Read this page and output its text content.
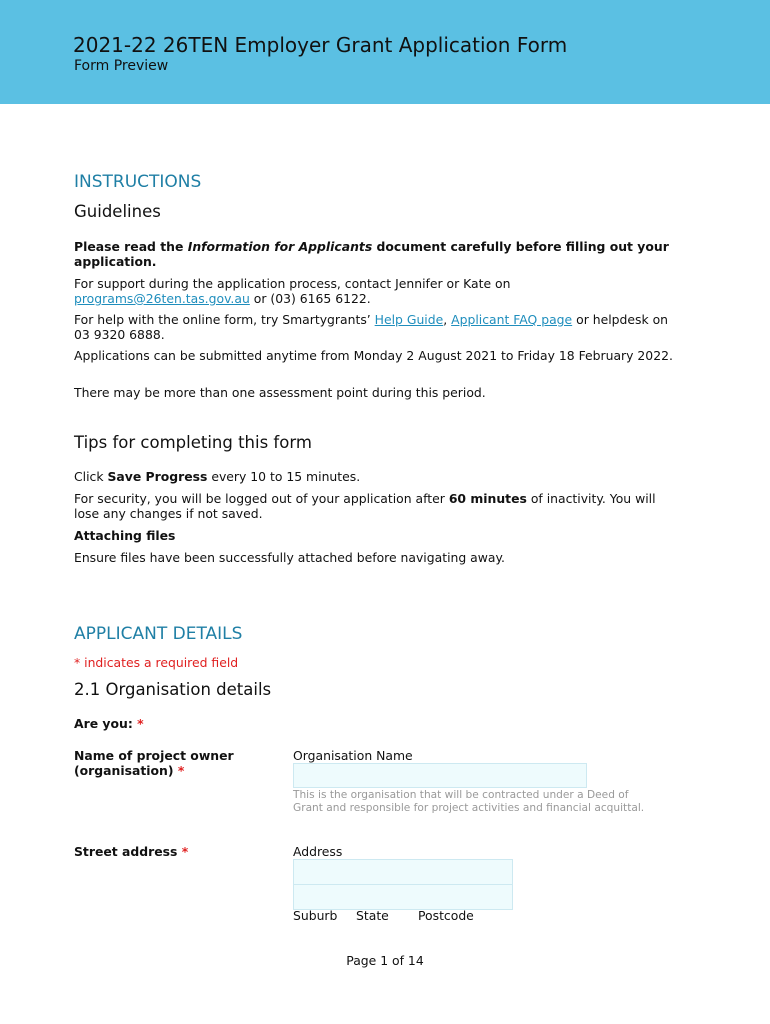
2021-22 26TEN Employer Grant Application Form
Form Preview
INSTRUCTIONS
Guidelines
Please read the Information for Applicants document carefully before filling out your application.
For support during the application process, contact Jennifer or Kate on programs@26ten.tas.gov.au or (03) 6165 6122.
For help with the online form, try Smartygrants’ Help Guide, Applicant FAQ page or helpdesk on 03 9320 6888.
Applications can be submitted anytime from Monday 2 August 2021 to Friday 18 February 2022.
There may be more than one assessment point during this period.
Tips for completing this form
Click Save Progress every 10 to 15 minutes.
For security, you will be logged out of your application after 60 minutes of inactivity. You will lose any changes if not saved.
Attaching files
Ensure files have been successfully attached before navigating away.
APPLICANT DETAILS
* indicates a required field
2.1 Organisation details
Are you: *
Name of project owner (organisation) *
Organisation Name
This is the organisation that will be contracted under a Deed of Grant and responsible for project activities and financial acquittal.
Street address *	Address
Suburb State Postcode
Page 1 of 14
